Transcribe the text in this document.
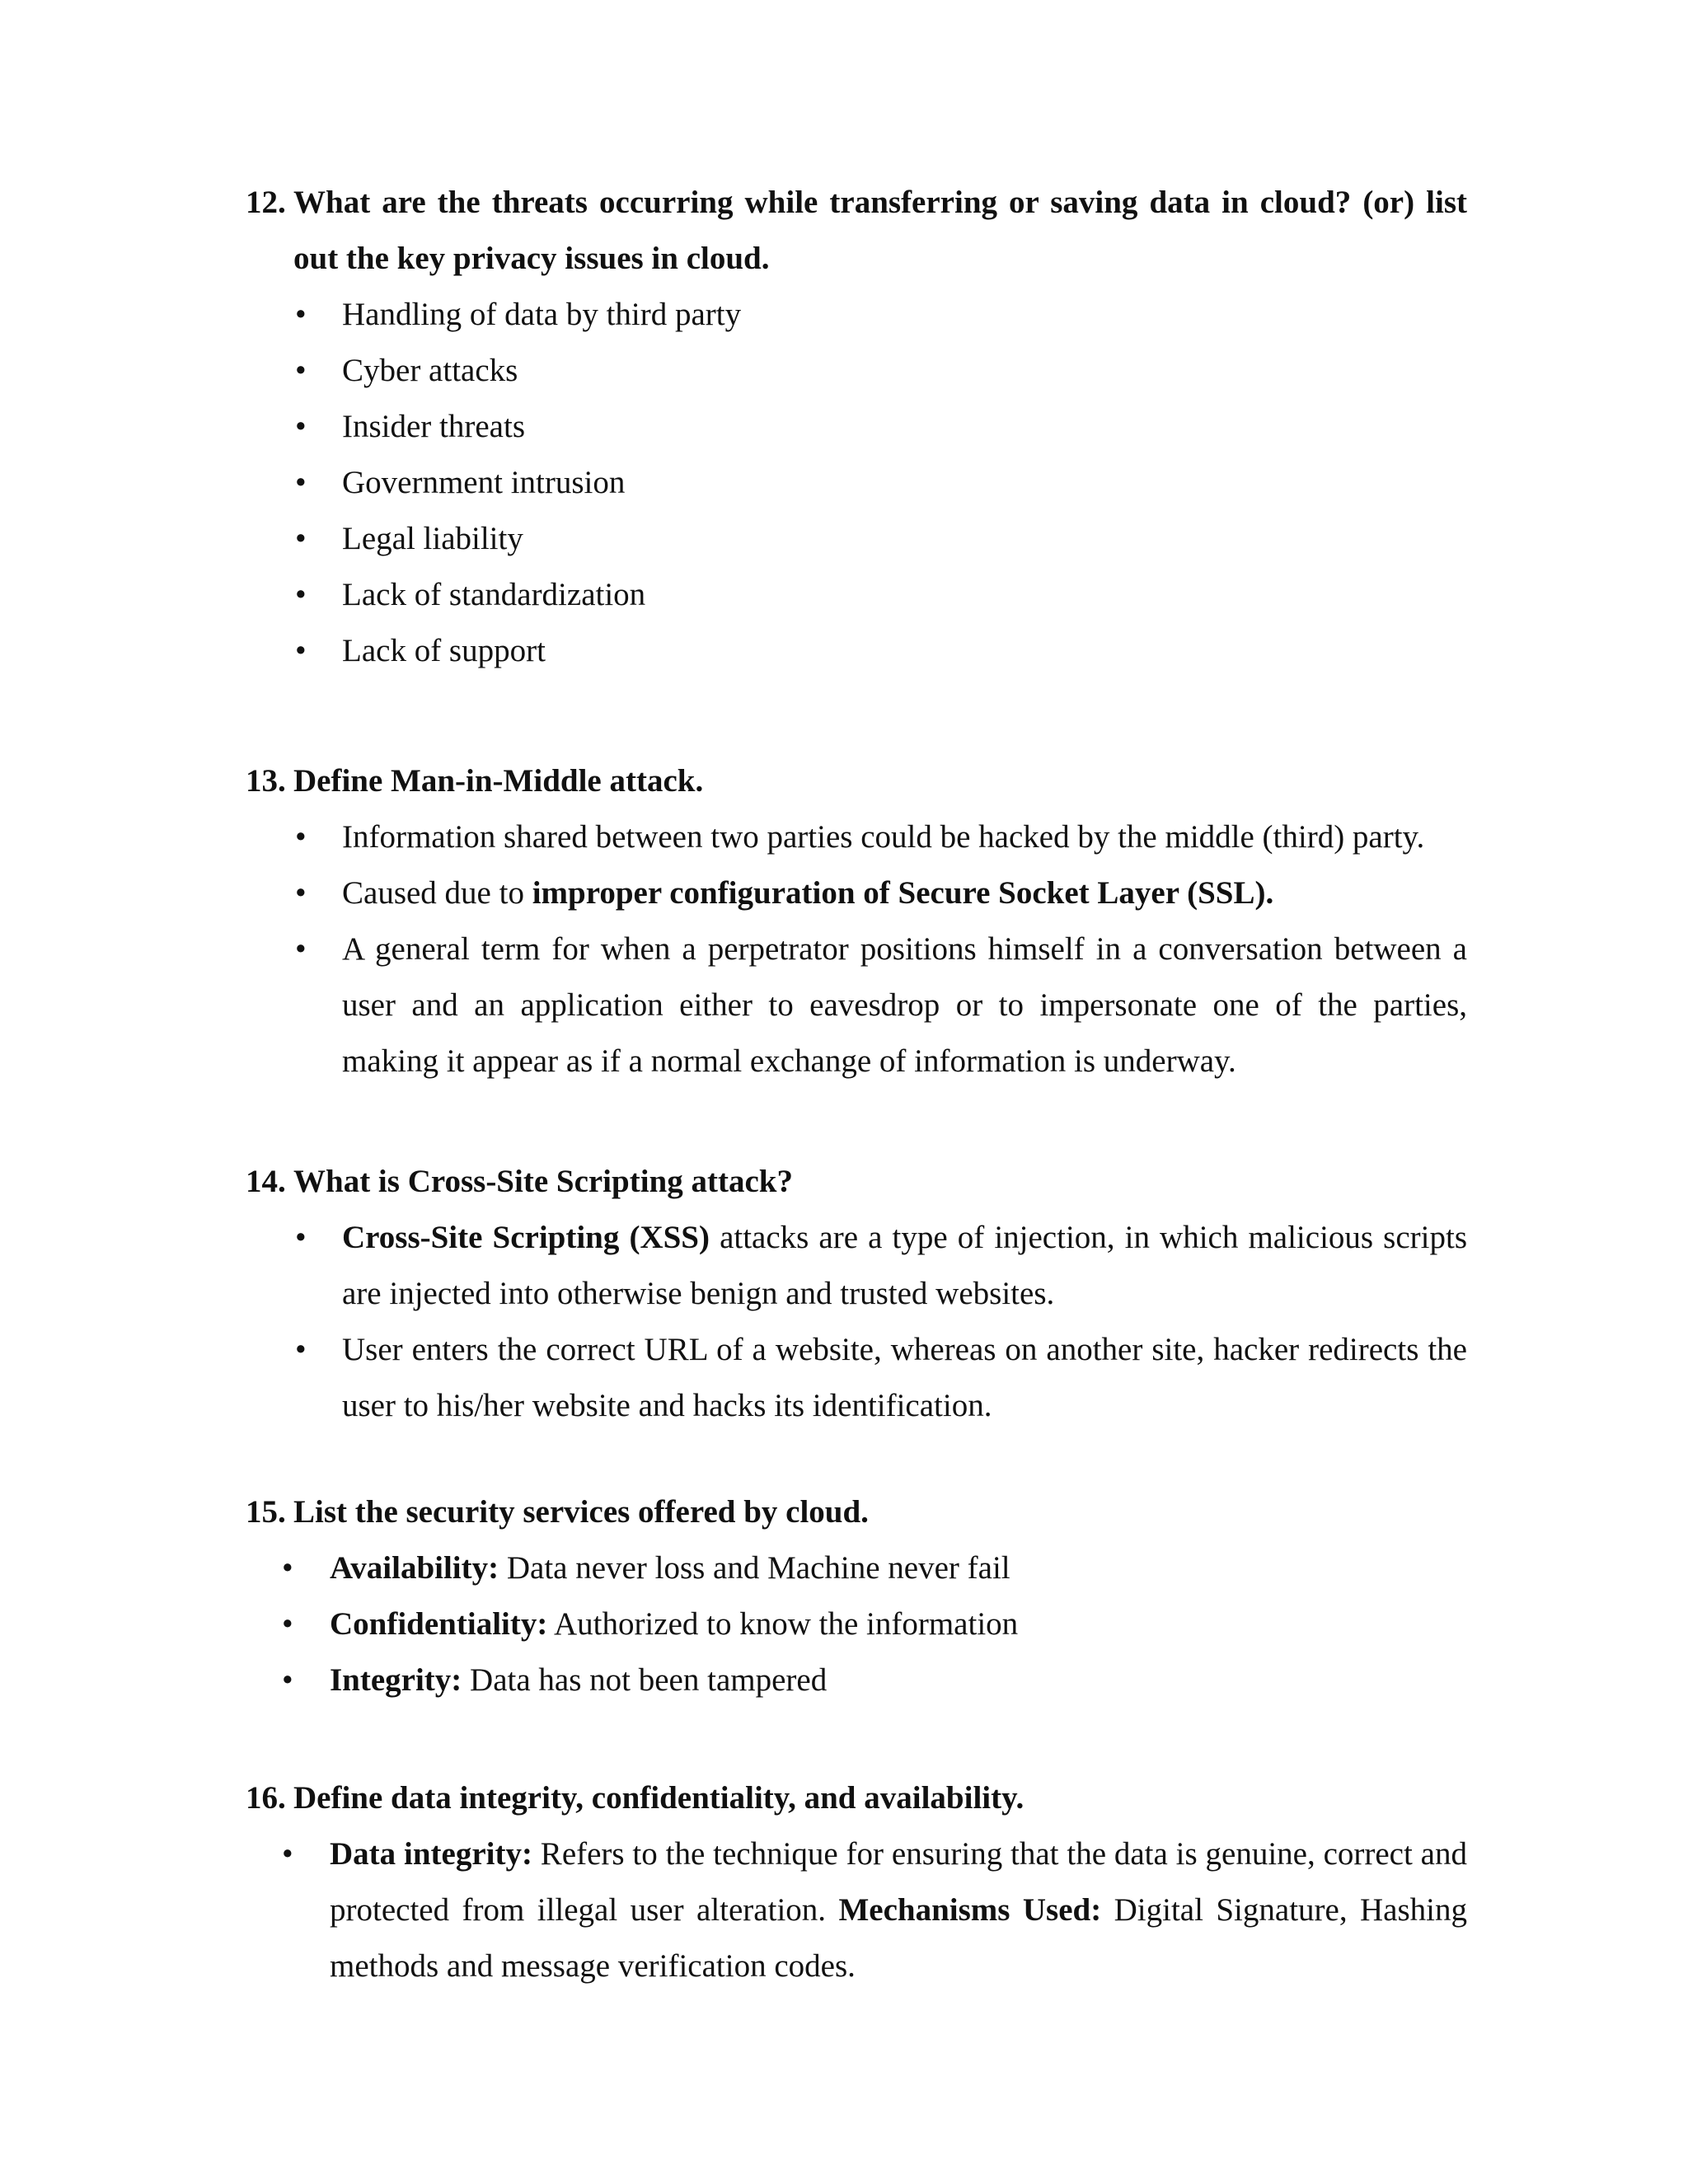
12. What are the threats occurring while transferring or saving data in cloud? (or) list out the key privacy issues in cloud.
• Handling of data by third party
• Cyber attacks
• Insider threats
• Government intrusion
• Legal liability
• Lack of standardization
• Lack of support
13. Define Man-in-Middle attack.
• Information shared between two parties could be hacked by the middle (third) party.
• Caused due to improper configuration of Secure Socket Layer (SSL).
• A general term for when a perpetrator positions himself in a conversation between a user and an application either to eavesdrop or to impersonate one of the parties, making it appear as if a normal exchange of information is underway.
14. What is Cross-Site Scripting attack?
• Cross-Site Scripting (XSS) attacks are a type of injection, in which malicious scripts are injected into otherwise benign and trusted websites.
• User enters the correct URL of a website, whereas on another site, hacker redirects the user to his/her website and hacks its identification.
15. List the security services offered by cloud.
• Availability: Data never loss and Machine never fail
• Confidentiality: Authorized to know the information
• Integrity: Data has not been tampered
16. Define data integrity, confidentiality, and availability.
• Data integrity: Refers to the technique for ensuring that the data is genuine, correct and protected from illegal user alteration. Mechanisms Used: Digital Signature, Hashing methods and message verification codes.
